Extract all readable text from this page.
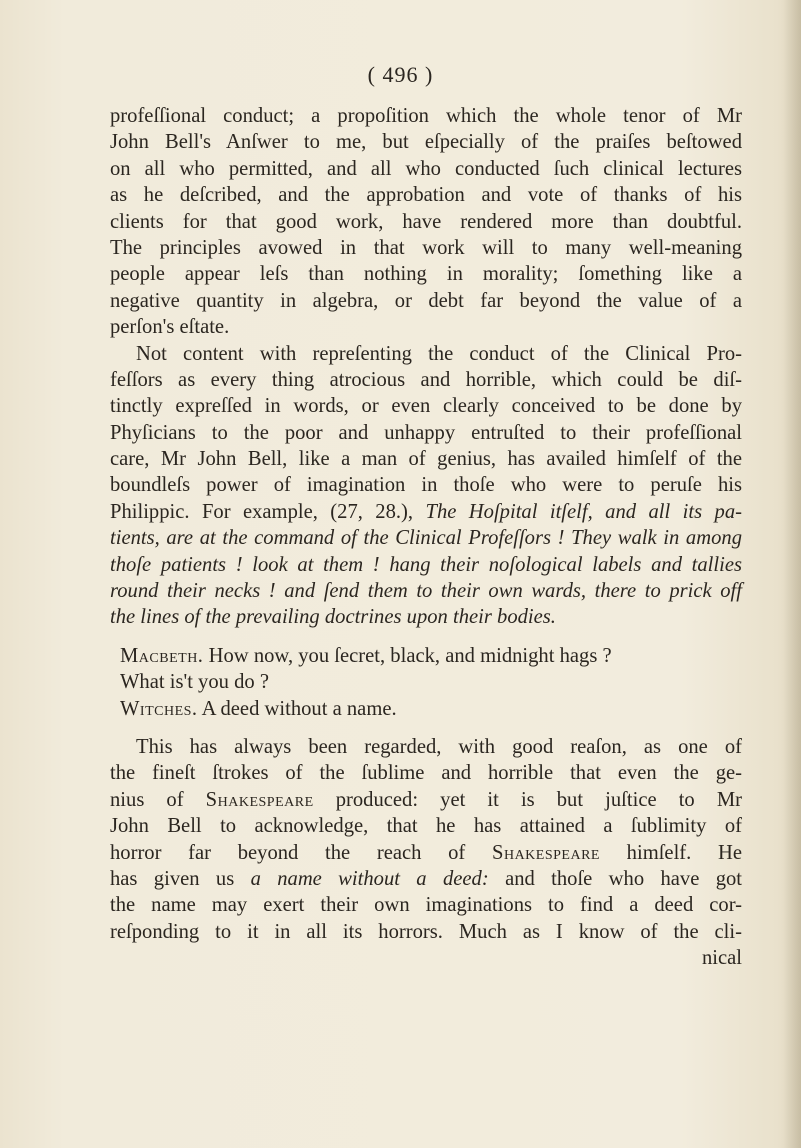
( 496 )
profeſſional conduct; a propoſition which the whole tenor of Mr
John Bell's Anſwer to me, but eſpecially of the praiſes beſtowed
on all who permitted, and all who conducted ſuch clinical lectures
as he deſcribed, and the approbation and vote of thanks of his
clients for that good work, have rendered more than doubtful.
The principles avowed in that work will to many well-meaning
people appear leſs than nothing in morality; ſomething like a
negative quantity in algebra, or debt far beyond the value of a
perſon's eſtate.
Not content with repreſenting the conduct of the Clinical Pro-
feſſors as every thing atrocious and horrible, which could be diſ-
tinctly expreſſed in words, or even clearly conceived to be done by
Phyſicians to the poor and unhappy entruſted to their profeſſional
care, Mr John Bell, like a man of genius, has availed himſelf of the
boundleſs power of imagination in thoſe who were to peruſe his
Philippic. For example, (27, 28.), The Hoſpital itſelf, and all its pa-
tients, are at the command of the Clinical Profeſſors ! They walk in among
thoſe patients ! look at them ! hang their noſological labels and tallies
round their necks ! and ſend them to their own wards, there to prick off
the lines of the prevailing doctrines upon their bodies.
Macbeth. How now, you ſecret, black, and midnight hags ?
What is't you do ?
Witches. A deed without a name.
This has always been regarded, with good reaſon, as one of
the fineſt ſtrokes of the ſublime and horrible that even the ge-
nius of Shakespeare produced: yet it is but juſtice to Mr
John Bell to acknowledge, that he has attained a ſublimity of
horror far beyond the reach of Shakespeare himſelf. He
has given us a name without a deed: and thoſe who have got
the name may exert their own imaginations to find a deed cor-
reſponding to it in all its horrors. Much as I know of the cli-
nical
